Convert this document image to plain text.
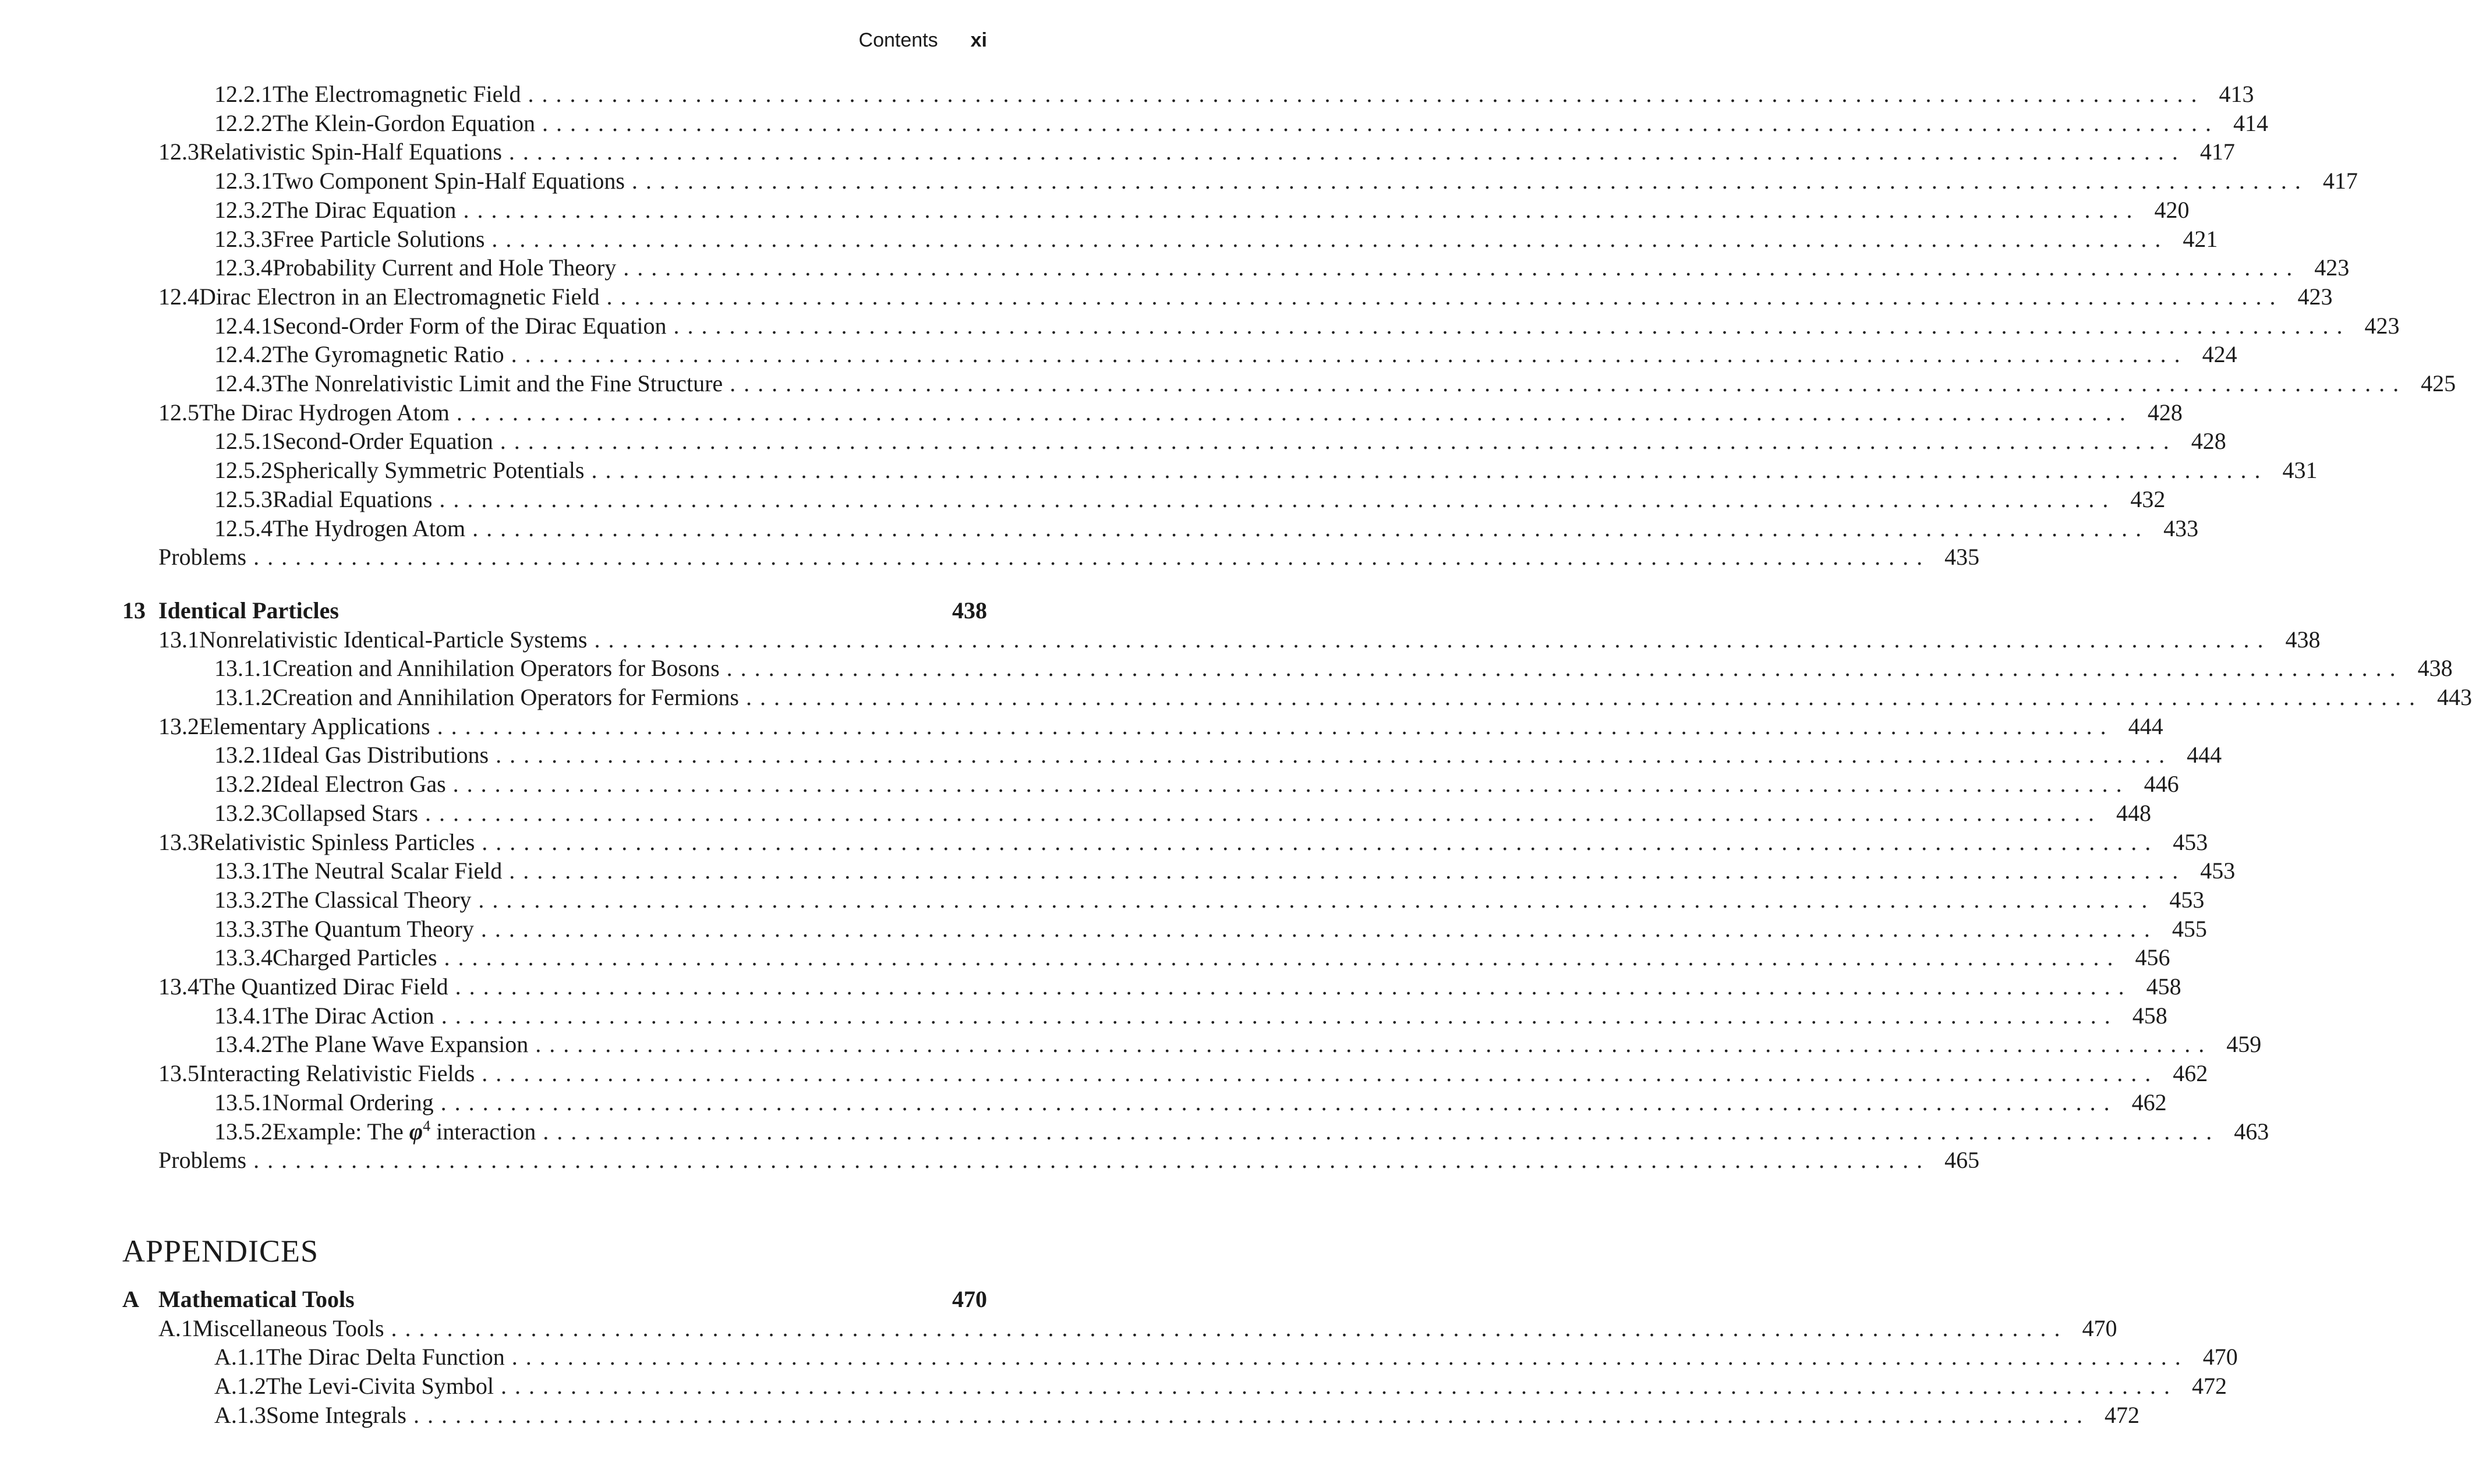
Contents xi
12.2.1 The Electromagnetic Field ........................................................................................................................ 413
12.2.2 The Klein-Gordon Equation ........................................................................................................................ 414
12.3 Relativistic Spin-Half Equations ........................................................................................................................ 417
12.3.1 Two Component Spin-Half Equations ........................................................................................................................ 417
12.3.2 The Dirac Equation ........................................................................................................................ 420
12.3.3 Free Particle Solutions ........................................................................................................................ 421
12.3.4 Probability Current and Hole Theory ........................................................................................................................ 423
12.4 Dirac Electron in an Electromagnetic Field ........................................................................................................................ 423
12.4.1 Second-Order Form of the Dirac Equation ........................................................................................................................ 423
12.4.2 The Gyromagnetic Ratio ........................................................................................................................ 424
12.4.3 The Nonrelativistic Limit and the Fine Structure ........................................................................................................................ 425
12.5 The Dirac Hydrogen Atom ........................................................................................................................ 428
12.5.1 Second-Order Equation ........................................................................................................................ 428
12.5.2 Spherically Symmetric Potentials ........................................................................................................................ 431
12.5.3 Radial Equations ........................................................................................................................ 432
12.5.4 The Hydrogen Atom ........................................................................................................................ 433
Problems ........................................................................................................................ 435
13 Identical Particles	438
13.1 Nonrelativistic Identical-Particle Systems ........................................................................................................................ 438
13.1.1 Creation and Annihilation Operators for Bosons ........................................................................................................................ 438
13.1.2 Creation and Annihilation Operators for Fermions ........................................................................................................................ 443
13.2 Elementary Applications ........................................................................................................................ 444
13.2.1 Ideal Gas Distributions ........................................................................................................................ 444
13.2.2 Ideal Electron Gas ........................................................................................................................ 446
13.2.3 Collapsed Stars ........................................................................................................................ 448
13.3 Relativistic Spinless Particles ........................................................................................................................ 453
13.3.1 The Neutral Scalar Field ........................................................................................................................ 453
13.3.2 The Classical Theory ........................................................................................................................ 453
13.3.3 The Quantum Theory ........................................................................................................................ 455
13.3.4 Charged Particles ........................................................................................................................ 456
13.4 The Quantized Dirac Field ........................................................................................................................ 458
13.4.1 The Dirac Action ........................................................................................................................ 458
13.4.2 The Plane Wave Expansion ........................................................................................................................ 459
13.5 Interacting Relativistic Fields ........................................................................................................................ 462
13.5.1 Normal Ordering ........................................................................................................................ 462
13.5.2 Example: The $\varphi^4$ interaction ........................................................................................................................ 463
Problems ........................................................................................................................ 465
APPENDICES
A Mathematical Tools	470
A.1 Miscellaneous Tools ........................................................................................................................ 470
A.1.1 The Dirac Delta Function ........................................................................................................................ 470
A.1.2 The Levi-Civita Symbol ........................................................................................................................ 472
A.1.3 Some Integrals ........................................................................................................................ 472
